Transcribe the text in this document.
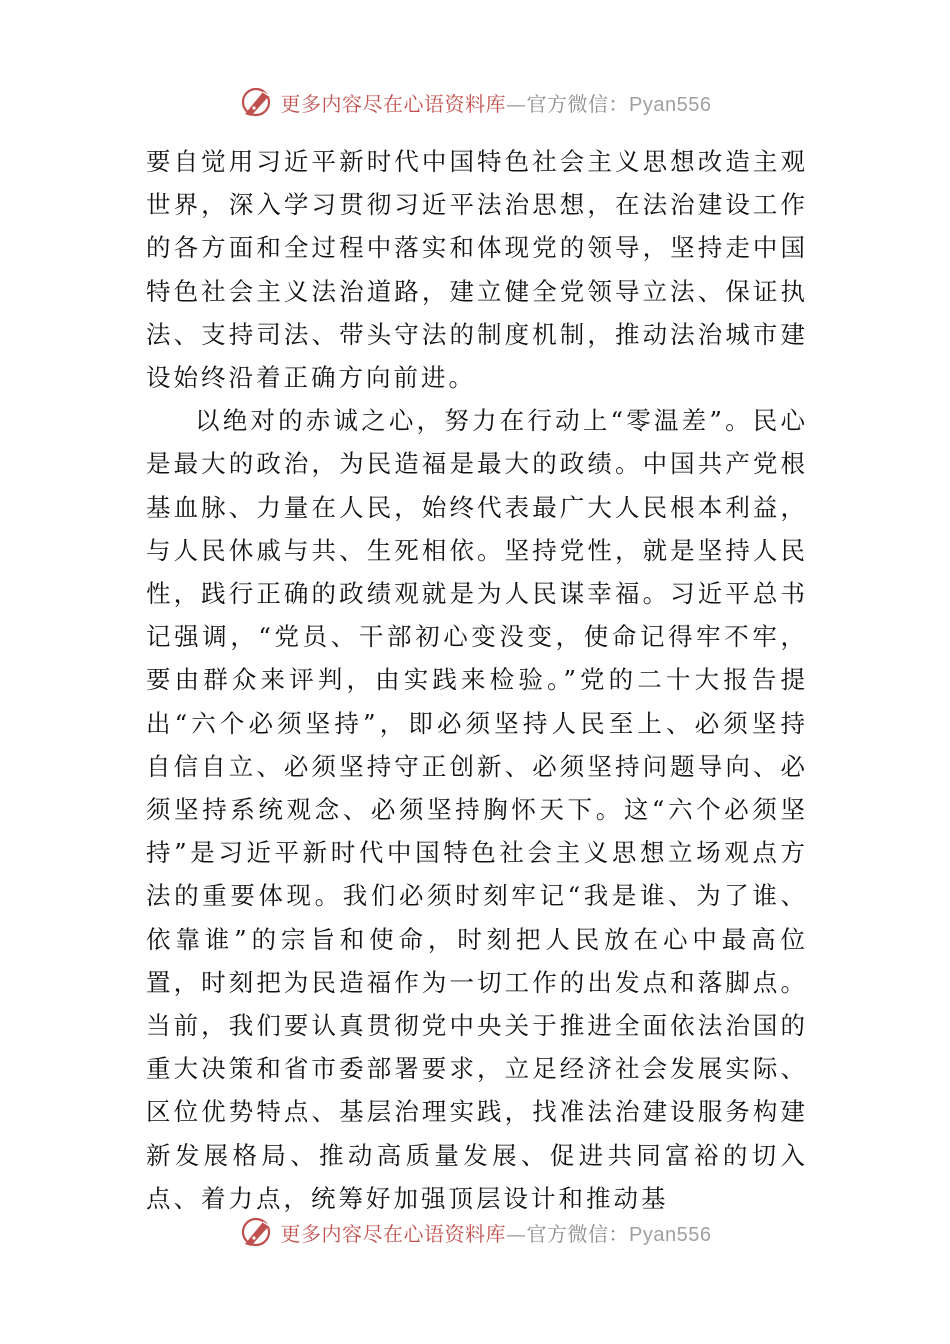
更多内容尽在心语资料库—官方微信：Pyan556

要自觉用习近平新时代中国特色社会主义思想改造主观世界，深入学习贯彻习近平法治思想，在法治建设工作的各方面和全过程中落实和体现党的领导，坚持走中国特色社会主义法治道路，建立健全党领导立法、保证执法、支持司法、带头守法的制度机制，推动法治城市建设始终沿着正确方向前进。

以绝对的赤诚之心，努力在行动上“零温差”。民心是最大的政治，为民造福是最大的政绩。中国共产党根基血脉、力量在人民，始终代表最广大人民根本利益，与人民休戚与共、生死相依。坚持党性，就是坚持人民性，践行正确的政绩观就是为人民谋幸福。习近平总书记强调，“党员、干部初心变没变，使命记得牢不牢，要由群众来评判，由实践来检验。”党的二十大报告提出“六个必须坚持”，即必须坚持人民至上、必须坚持自信自立、必须坚持守正创新、必须坚持问题导向、必须坚持系统观念、必须坚持胸怀天下。这“六个必须坚持”是习近平新时代中国特色社会主义思想立场观点方法的重要体现。我们必须时刻牢记“我是谁、为了谁、依靠谁”的宗旨和使命，时刻把人民放在心中最高位置，时刻把为民造福作为一切工作的出发点和落脚点。当前，我们要认真贯彻党中央关于推进全面依法治国的重大决策和省市委部署要求，立足经济社会发展实际、区位优势特点、基层治理实践，找准法治建设服务构建新发展格局、推动高质量发展、促进共同富裕的切入点、着力点，统筹好加强顶层设计和推动基

更多内容尽在心语资料库—官方微信：Pyan556
